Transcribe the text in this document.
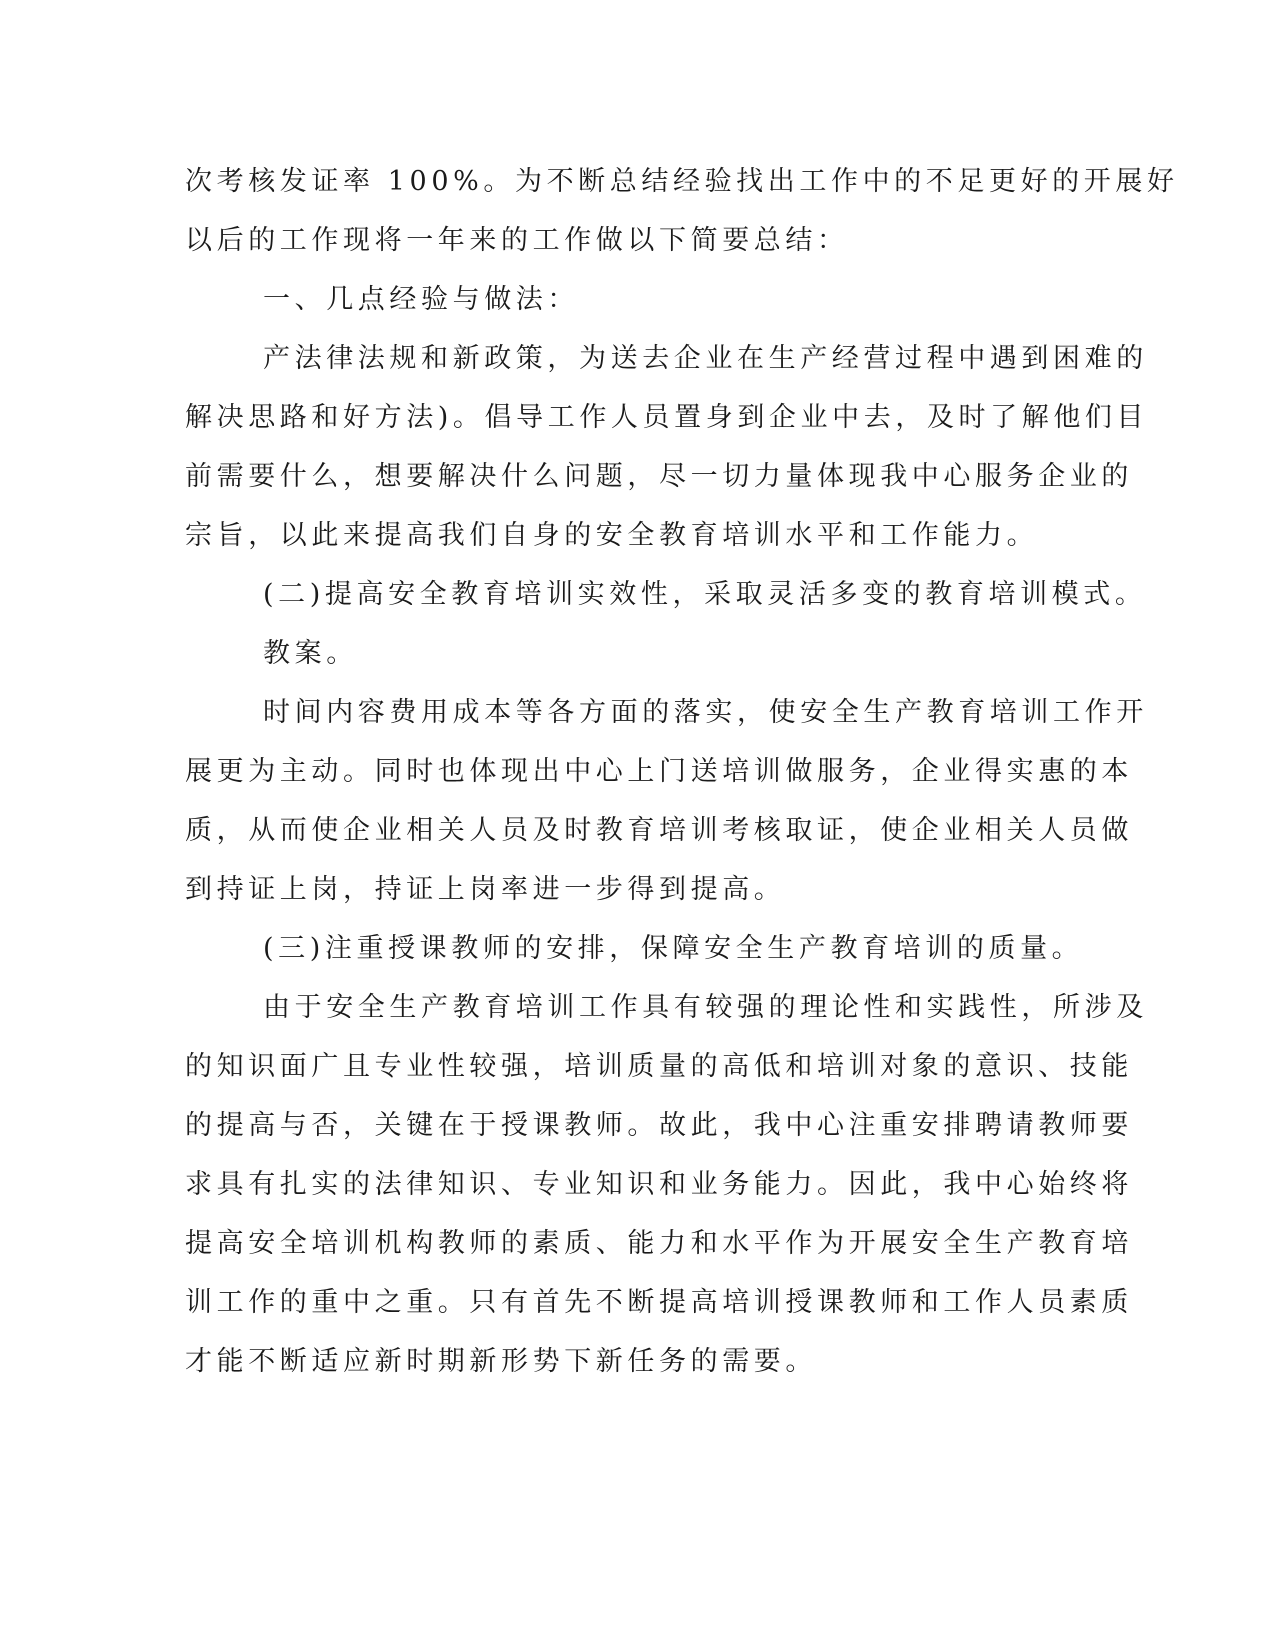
次考核发证率 100%。为不断总结经验找出工作中的不足更好的开展好

以后的工作现将一年来的工作做以下简要总结：

一、几点经验与做法：

产法律法规和新政策，为送去企业在生产经营过程中遇到困难的

解决思路和好方法)。倡导工作人员置身到企业中去，及时了解他们目

前需要什么，想要解决什么问题，尽一切力量体现我中心服务企业的

宗旨，以此来提高我们自身的安全教育培训水平和工作能力。

(二)提高安全教育培训实效性，采取灵活多变的教育培训模式。

教案。

时间内容费用成本等各方面的落实，使安全生产教育培训工作开

展更为主动。同时也体现出中心上门送培训做服务，企业得实惠的本

质，从而使企业相关人员及时教育培训考核取证，使企业相关人员做

到持证上岗，持证上岗率进一步得到提高。

(三)注重授课教师的安排，保障安全生产教育培训的质量。

由于安全生产教育培训工作具有较强的理论性和实践性，所涉及

的知识面广且专业性较强，培训质量的高低和培训对象的意识、技能

的提高与否，关键在于授课教师。故此，我中心注重安排聘请教师要

求具有扎实的法律知识、专业知识和业务能力。因此，我中心始终将

提高安全培训机构教师的素质、能力和水平作为开展安全生产教育培

训工作的重中之重。只有首先不断提高培训授课教师和工作人员素质

才能不断适应新时期新形势下新任务的需要。
